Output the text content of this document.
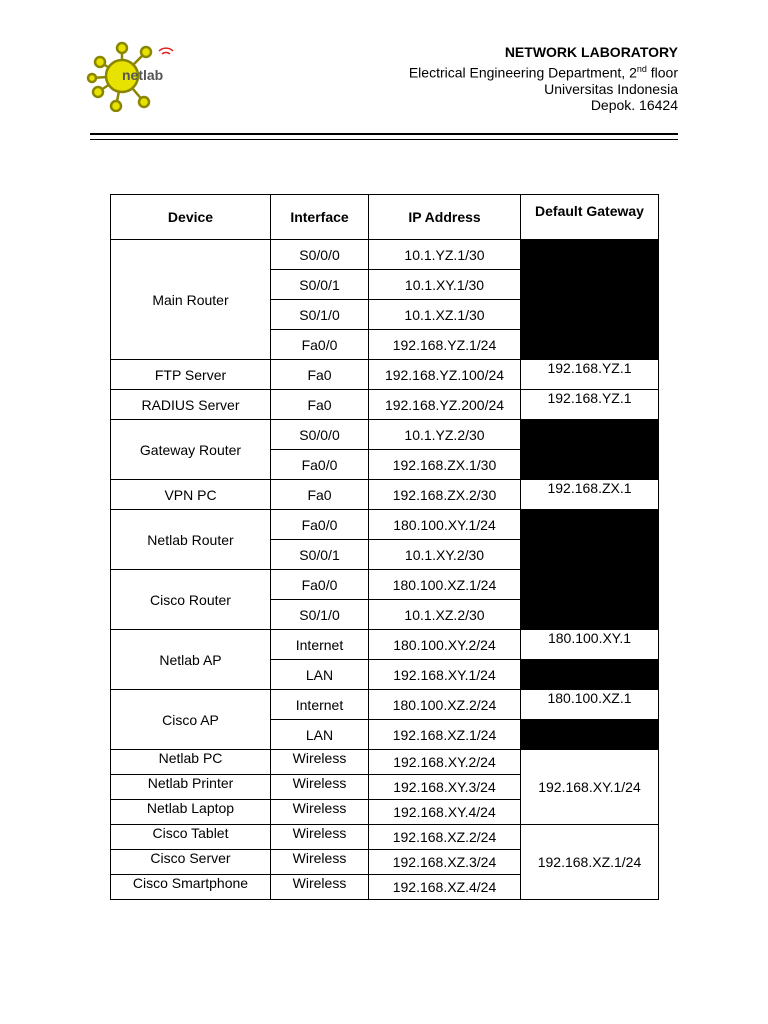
netlab
NETWORK LABORATORY
Electrical Engineering Department, 2nd floor
Universitas Indonesia
Depok. 16424
Device	Interface	IP Address	Default Gateway
Main Router	S0/0/0	10.1.YZ.1/30	
	S0/0/1	10.1.XY.1/30	
	S0/1/0	10.1.XZ.1/30	
	Fa0/0	192.168.YZ.1/24	
FTP Server	Fa0	192.168.YZ.100/24	192.168.YZ.1
RADIUS Server	Fa0	192.168.YZ.200/24	192.168.YZ.1
Gateway Router	S0/0/0	10.1.YZ.2/30	
	Fa0/0	192.168.ZX.1/30	
VPN PC	Fa0	192.168.ZX.2/30	192.168.ZX.1
Netlab Router	Fa0/0	180.100.XY.1/24	
	S0/0/1	10.1.XY.2/30	
Cisco Router	Fa0/0	180.100.XZ.1/24	
	S0/1/0	10.1.XZ.2/30	
Netlab AP	Internet	180.100.XY.2/24	180.100.XY.1
	LAN	192.168.XY.1/24	
Cisco AP	Internet	180.100.XZ.2/24	180.100.XZ.1
	LAN	192.168.XZ.1/24	
Netlab PC	Wireless	192.168.XY.2/24	192.168.XY.1/24
Netlab Printer	Wireless	192.168.XY.3/24	
Netlab Laptop	Wireless	192.168.XY.4/24	
Cisco Tablet	Wireless	192.168.XZ.2/24	192.168.XZ.1/24
Cisco Server	Wireless	192.168.XZ.3/24	
Cisco Smartphone	Wireless	192.168.XZ.4/24	
